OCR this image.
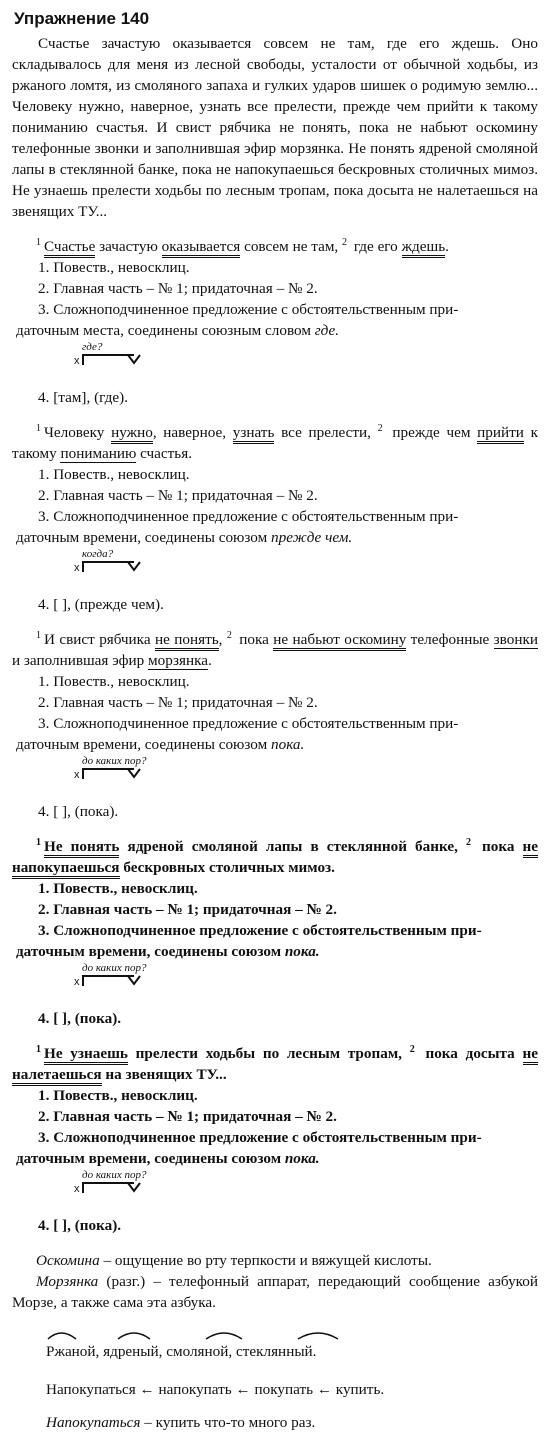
Упражнение 140

Счастье зачастую оказывается совсем не там, где его ждешь. Оно складывалось для меня из лесной свободы, усталости от обычной ходьбы, из ржаного ломтя, из смоляного запаха и гулких ударов шишек о родимую землю... Человеку нужно, наверное, узнать все прелести, прежде чем прийти к такому пониманию счастья. И свист рябчика не понять, пока не набьют оскомину телефонные звонки и заполнившая эфир морзянка. Не понять ядреной смоляной лапы в стеклянной банке, пока не напокупаешься бескровных столичных мимоз. Не узнаешь прелести ходьбы по лесным тропам, пока досыта не налетаешься на звенящих ТУ...

$^1$ Счастье зачастую оказывается совсем не там, $^2$ где его ждешь.

1. Повеств., невосклиц.

2. Главная часть – № 1; придаточная – № 2.

3. Сложноподчиненное предложение с обстоятельственным при-

даточным места, соединены союзным словом где.

где?
x

4. [там], (где).

$^1$ Человеку нужно, наверное, узнать все прелести, $^2$ прежде чем прийти к такому пониманию счастья.

1. Повеств., невосклиц.

2. Главная часть – № 1; придаточная – № 2.

3. Сложноподчиненное предложение с обстоятельственным при-

даточным времени, соединены союзом прежде чем.

когда?
x

4. [ ], (прежде чем).

$^1$ И свист рябчика не понять, $^2$ пока не набьют оскомину телефонные звонки и заполнившая эфир морзянка.

1. Повеств., невосклиц.

2. Главная часть – № 1; придаточная – № 2.

3. Сложноподчиненное предложение с обстоятельственным при-

даточным времени, соединены союзом пока.

до каких пор?
x

4. [ ], (пока).

$^1$ Не понять ядреной смоляной лапы в стеклянной банке, $^2$ пока не напокупаешься бескровных столичных мимоз.

1. Повеств., невосклиц.

2. Главная часть – № 1; придаточная – № 2.

3. Сложноподчиненное предложение с обстоятельственным при-

даточным времени, соединены союзом пока.

до каких пор?
x

4. [ ], (пока).

$^1$ Не узнаешь прелести ходьбы по лесным тропам, $^2$ пока досыта не налетаешься на звенящих ТУ...

1. Повеств., невосклиц.

2. Главная часть – № 1; придаточная – № 2.

3. Сложноподчиненное предложение с обстоятельственным при-

даточным времени, соединены союзом пока.

до каких пор?
x

4. [ ], (пока).

Оскомина – ощущение во рту терпкости и вяжущей кислоты.

Морзянка (разг.) – телефонный аппарат, передающий сообщение азбукой Морзе, а также сама эта азбука.

Ржаной, ядреный, смоляной, стеклянный.

Напокупаться ← напокупать ← покупать ← купить.

Напокупаться – купить что-то много раз.
